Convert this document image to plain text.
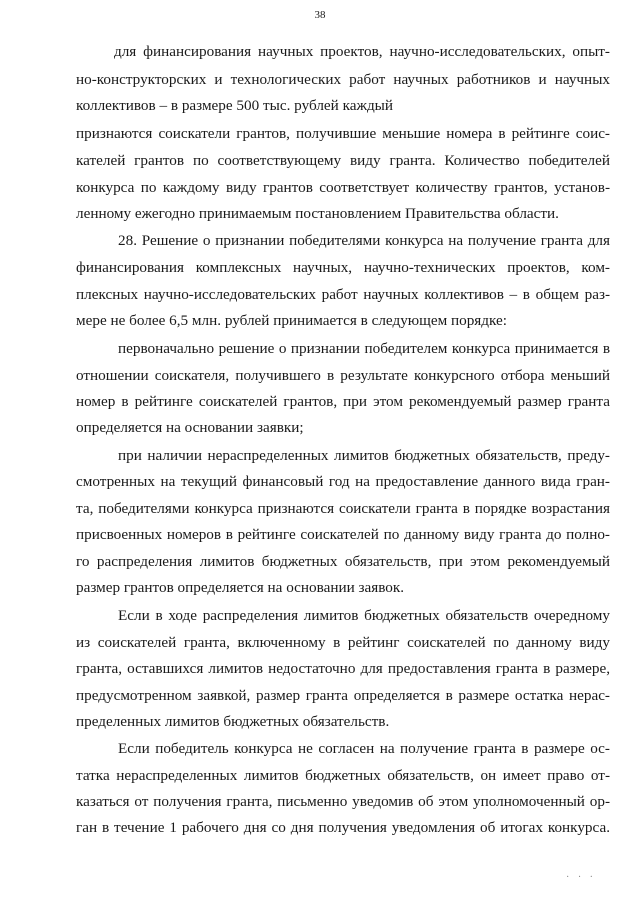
38
для финансирования научных проектов, научно-исследовательских, опыт-
но-конструкторских и технологических работ научных работников и научных
коллективов – в размере 500 тыс. рублей каждый
признаются соискатели грантов, получившие меньшие номера в рейтинге соис-
кателей грантов по соответствующему виду гранта. Количество победителей
конкурса по каждому виду грантов соответствует количеству грантов, установ-
ленному ежегодно принимаемым постановлением Правительства области.
28. Решение о признании победителями конкурса на получение гранта для
финансирования комплексных научных, научно-технических проектов, ком-
плексных научно-исследовательских работ научных коллективов – в общем раз-
мере не более 6,5 млн. рублей принимается в следующем порядке:
первоначально решение о признании победителем конкурса принимается в
отношении соискателя, получившего в результате конкурсного отбора меньший
номер в рейтинге соискателей грантов, при этом рекомендуемый размер гранта
определяется на основании заявки;
при наличии нераспределенных лимитов бюджетных обязательств, преду-
смотренных на текущий финансовый год на предоставление данного вида гран-
та, победителями конкурса признаются соискатели гранта в порядке возрастания
присвоенных номеров в рейтинге соискателей по данному виду гранта до полно-
го распределения лимитов бюджетных обязательств, при этом рекомендуемый
размер грантов определяется на основании заявок.
Если в ходе распределения лимитов бюджетных обязательств очередному
из соискателей гранта, включенному в рейтинг соискателей по данному виду
гранта, оставшихся лимитов недостаточно для предоставления гранта в размере,
предусмотренном заявкой, размер гранта определяется в размере остатка нерас-
пределенных лимитов бюджетных обязательств.
Если победитель конкурса не согласен на получение гранта в размере ос-
татка нераспределенных лимитов бюджетных обязательств, он имеет право от-
казаться от получения гранта, письменно уведомив об этом уполномоченный ор-
ган в течение 1 рабочего дня со дня получения уведомления об итогах конкурса.
· · ·
